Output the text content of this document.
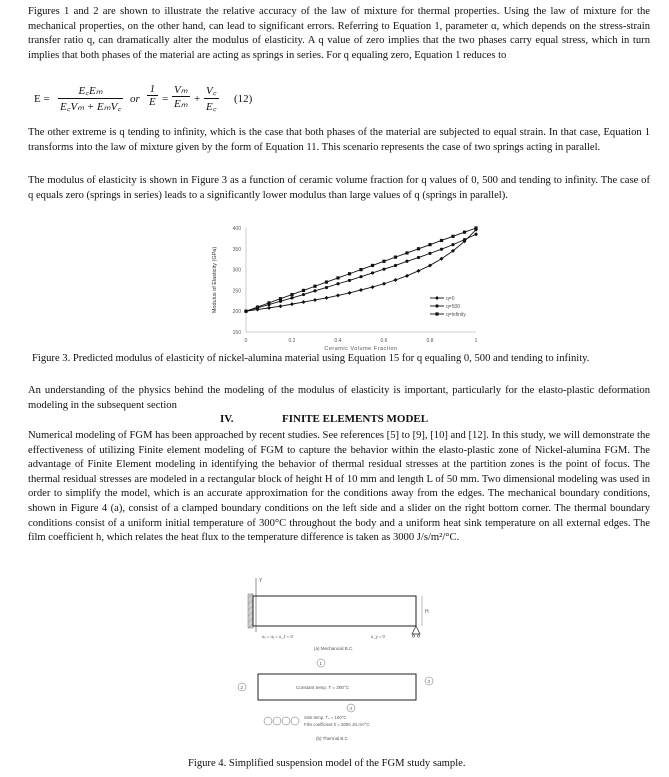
Figures 1 and 2 are shown to illustrate the relative accuracy of the law of mixture for thermal properties. Using the law of mixture for the mechanical properties, on the other hand, can lead to significant errors. Referring to Equation 1, parameter α, which depends on the stress-strain transfer ratio q, can dramatically alter the modulus of elasticity. A q value of zero implies that the two phases carry equal stress, which in turn implies that both phases of the material are acting as springs in series. For q equaling zero, Equation 1 reduces to

E =
E꜀Eₘ
E꜀Vₘ + EₘV꜀
or $\frac{1}{E} = \frac{\text{Vₘ}}{\text{Eₘ}} + \frac{V꜀}{E꜀} (12)$

The other extreme is q tending to infinity, which is the case that both phases of the material are subjected to equal strain. In that case, Equation 1 transforms into the law of mixture given by the form of Equation 11. This scenario represents the case of two springs acting in parallel.

The modulus of elasticity is shown in Figure 3 as a function of ceramic volume fraction for q values of 0, 500 and tending to infinity. The case of q equals zero (springs in series) leads to a significantly lower modulus than large values of q (springs in parallel).

150
200
250
300
350
400
0	0.2	0.4	0.6	0.8	1
Ceramic Volume Fraction
Modulus of Elasticity (GPa)	q=0
q=500
q=infinity
Figure 3. Predicted modulus of elasticity of nickel-alumina material using Equation 15 for q equaling 0, 500 and tending to infinity.

An understanding of the physics behind the modeling of the modulus of elasticity is important, particularly for the elasto-plastic deformation modeling in the subsequent section

IV.	FINITE ELEMENTS MODEL

Numerical modeling of FGM has been approached by recent studies. See references [5] to [9], [10] and [12]. In this study, we will demonstrate the effectiveness of utilizing Finite element modeling of FGM to capture the behavior within the elasto-plastic zone of Nickel-alumina FGM. The advantage of Finite Element modeling in identifying the behavior of thermal residual stresses at the partition zones is the point of focus. The thermal residual stresses are modeled in a rectangular block of height H of 10 mm and length L of 50 mm. Two dimensional modeling was used in order to simplify the model, which is an accurate approximation for the conditions away from the edges. The mechanical boundary conditions, shown in Figure 4 (a), consist of a clamped boundary conditions on the left side and a slider on the right bottom corner. The thermal boundary conditions consist of a uniform initial temperature of 300°C throughout the body and a uniform heat sink temperature on all external edges. The film coefficient h, which relates the heat flux to the temperature difference is taken as 3000 J/s/m²/°C.

Y
H
uₓ = uᵧ = u_z = 0	u_y = 0
(a) Mechanical B.C.
1
2
3
Constant temp. T = 300°C
4
Sink temp. Tₛ = 100°C
Film coefficient h = 3000 J/s.m²/°C
(b) Thermal B.C
Figure 4. Simplified suspension model of the FGM study sample.
